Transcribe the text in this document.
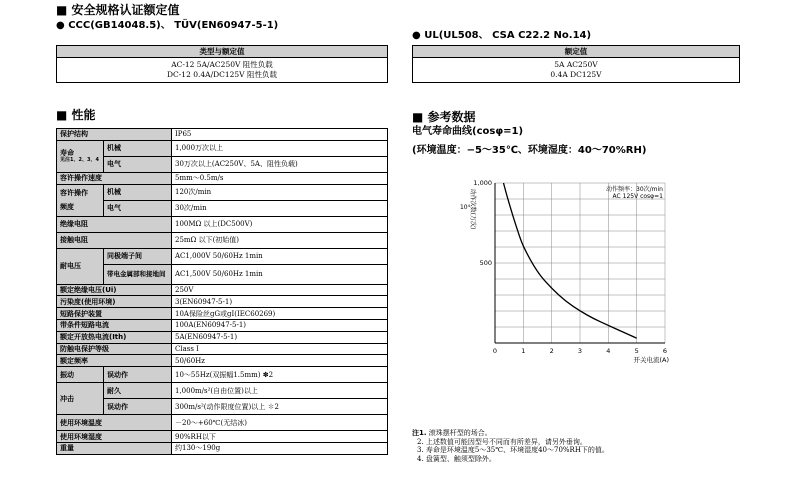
■ 安全规格认证额定值
● CCC(GB14048.5)、 TÜV(EN60947-5-1)
类型与额定值

AC-12 5A/AC250V 阻性负载
DC-12 0.4A/DC125V 阻性负载
● UL(UL508、 CSA C22.2 No.14)
额定值

5A AC250V
0.4A DC125V
■ 性能
保护结构		IP65

寿命
见注1、2、3、4	机械	1,000万次以上
	电气	30万次以上(AC250V、5A、阻性负载)
容许操作速度		5mm～0.5m/s

容许操作
频度	机械	120次/min
	电气	30次/min
绝缘电阻		100MΩ 以上(DC500V)
接触电阻		25mΩ 以下(初始值)
耐电压	同极端子间	AC1,000V 50/60Hz 1min
	带电金属部和接地间	AC1,500V 50/60Hz 1min
额定绝缘电压(Ui)		250V
污染度(使用环境)		3(EN60947-5-1)
短路保护装置		10A保险丝gG或gI(IEC60269)
带条件短路电流		100A(EN60947-5-1)
额定开放热电流(Ith)		5A(EN60947-5-1)
防触电保护等级		Class I
额定频率		50/60Hz
振动	误动作	10～55Hz(双振幅1.5mm) ✽2
冲击	耐久	1,000m/s²(自由位置)以上
	误动作	300m/s²(动作限度位置)以上 ✽2
使用环境温度		－20～+60℃(无结冰)
使用环境湿度		90%RH以下
重量		约130～190g
■ 参考数据
电气寿命曲线(cosφ=1)
(环境温度：−5～35℃、环境湿度：40～70%RH)
0	1	2	3	4	5	6
1,000
500
动作次数(万次)
10⁴
开关电流(A)
动作频率：30次/min
AC 125V cosφ=1
注1. 滚珠摆杆型的场合。
2. 上述数值可能因型号不同而有所差异，请另外垂询。
3. 寿命是环境温度5～35℃、环境湿度40～70%RH下的值。
4. 盘簧型、触须型除外。
